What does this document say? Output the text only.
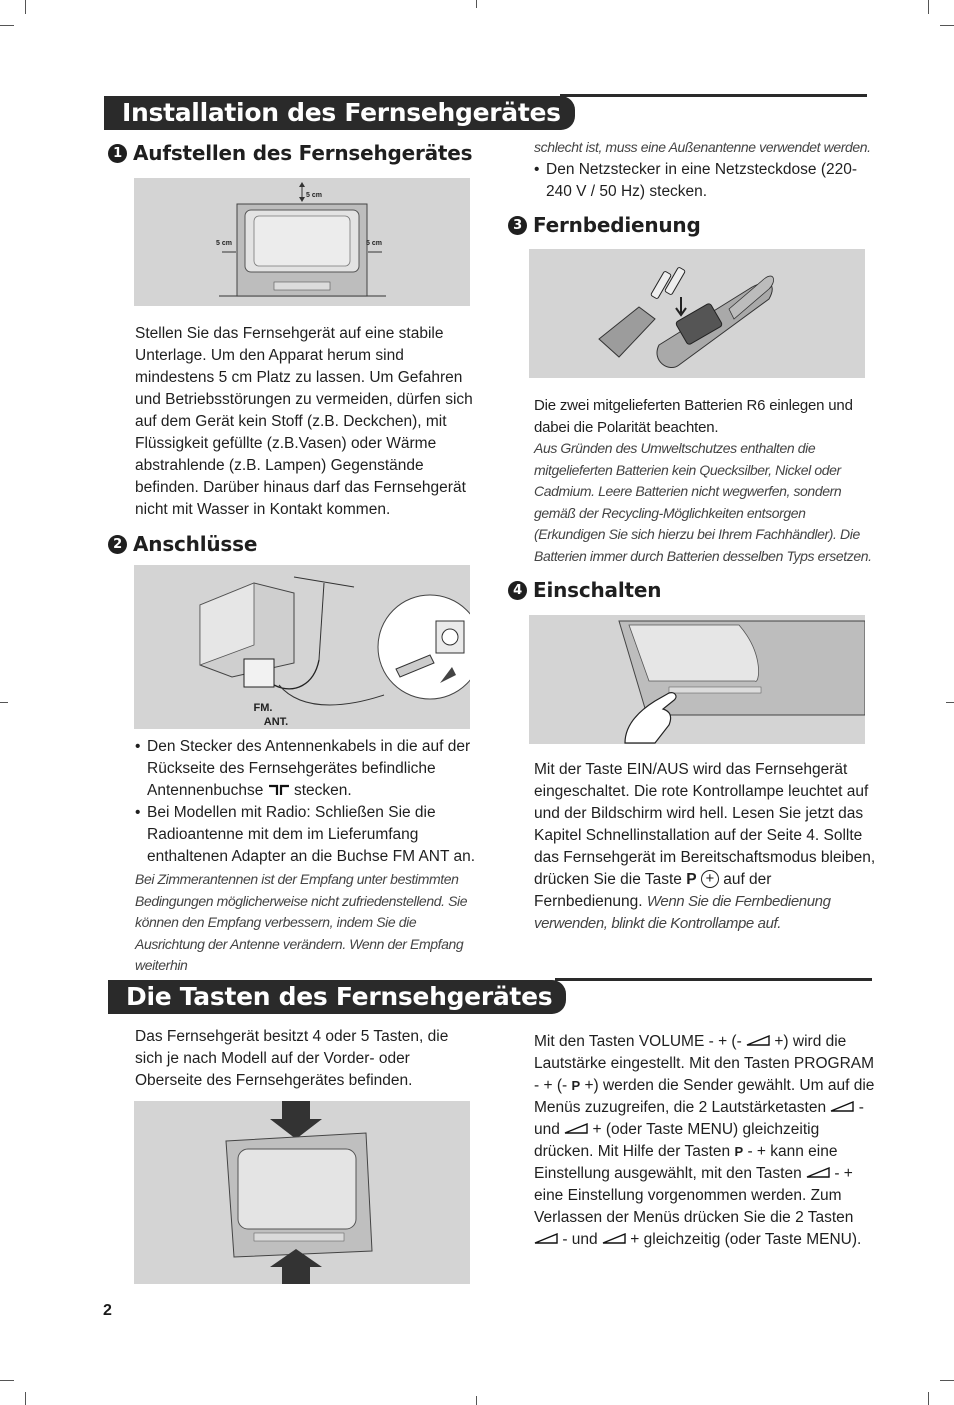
Installation des Fernsehgerätes
1 Aufstellen des Fernsehgerätes
5 cm
5 cm	5 cm
Stellen Sie das Fernsehgerät auf eine stabile Unterlage. Um den Apparat herum sind mindestens 5 cm Platz zu lassen. Um Gefahren und Betriebsstörungen zu vermeiden, dürfen sich auf dem Gerät kein Stoff (z.B. Deckchen), mit Flüssigkeit gefüllte (z.B.Vasen) oder Wärme abstrahlende (z.B. Lampen) Gegenstände befinden. Darüber hinaus darf das Fernsehgerät nicht mit Wasser in Kontakt kommen.
2 Anschlüsse
FM.
ANT.
• Den Stecker des Antennenkabels in die auf der Rückseite des Fernsehgerätes befindliche Antennenbuchse stecken.
• Bei Modellen mit Radio: Schließen Sie die Radioantenne mit dem im Lieferumfang enthaltenen Adapter an die Buchse FM ANT an.
Bei Zimmerantennen ist der Empfang unter bestimmten Bedingungen möglicherweise nicht zufriedenstellend. Sie können den Empfang verbessern, indem Sie die Ausrichtung der Antenne verändern. Wenn der Empfang weiterhin
schlecht ist, muss eine Außenantenne verwendet werden.
• Den Netzstecker in eine Netzsteckdose (220-240 V / 50 Hz) stecken.
3 Fernbedienung
Die zwei mitgelieferten Batterien R6 einlegen und dabei die Polarität beachten.
Aus Gründen des Umweltschutzes enthalten die mitgelieferten Batterien kein Quecksilber, Nickel oder Cadmium. Leere Batterien nicht wegwerfen, sondern gemäß der Recycling-Möglichkeiten entsorgen (Erkundigen Sie sich hierzu bei Ihrem Fachhändler). Die Batterien immer durch Batterien desselben Typs ersetzen.
4 Einschalten
Mit der Taste EIN/AUS wird das Fernsehgerät eingeschaltet. Die rote Kontrollampe leuchtet auf und der Bildschirm wird hell. Lesen Sie jetzt das Kapitel Schnellinstallation auf der Seite 4. Sollte das Fernsehgerät im Bereitschaftsmodus bleiben, drücken Sie die Taste P + auf der Fernbedienung. Wenn Sie die Fernbedienung verwenden, blinkt die Kontrollampe auf.
Die Tasten des Fernsehgerätes
Das Fernsehgerät besitzt 4 oder 5 Tasten, die sich je nach Modell auf der Vorder- oder Oberseite des Fernsehgerätes befinden.
Mit den Tasten VOLUME - + (- +) wird die Lautstärke eingestellt. Mit den Tasten PROGRAM - + (- P +) werden die Sender gewählt. Um auf die Menüs zuzugreifen, die 2 Lautstärketasten - und + (oder Taste MENU) gleichzeitig drücken. Mit Hilfe der Tasten P - + kann eine Einstellung ausgewählt, mit den Tasten - + eine Einstellung vorgenommen werden. Zum Verlassen der Menüs drücken Sie die 2 Tasten  - und + gleichzeitig (oder Taste MENU).
2
